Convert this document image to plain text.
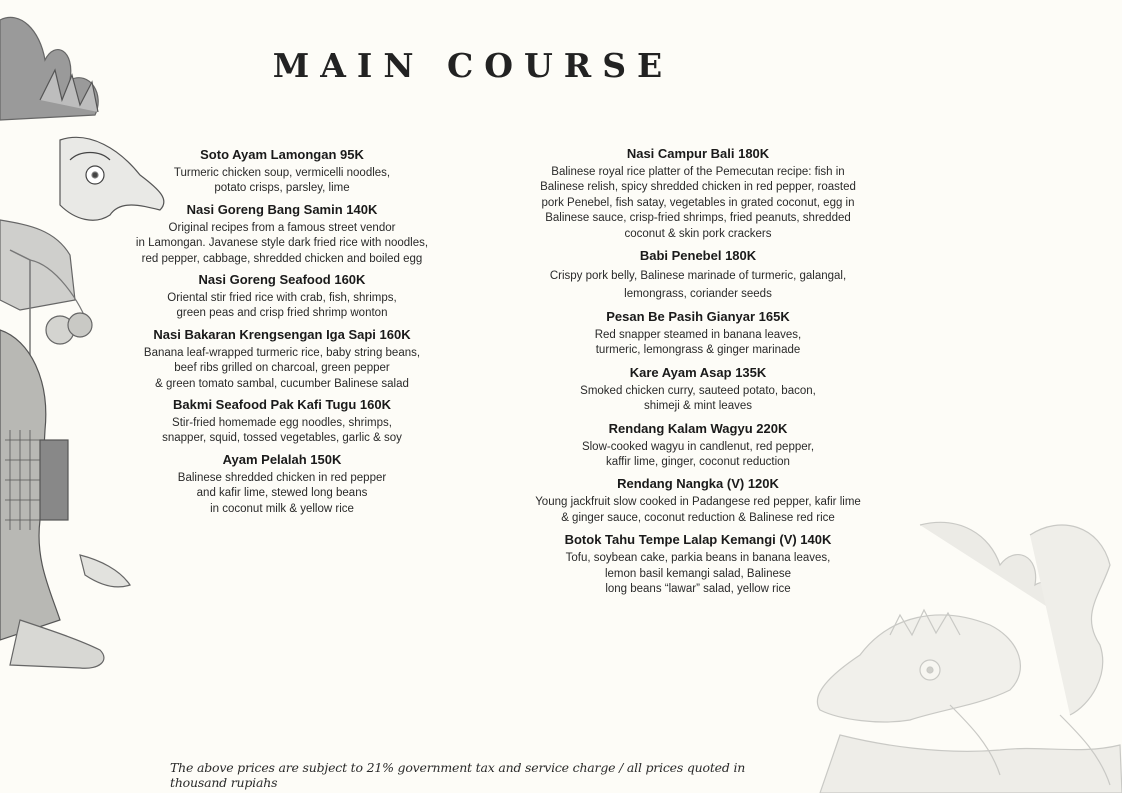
MAIN COURSE
Soto Ayam Lamongan 95K
Turmeric chicken soup, vermicelli noodles,
potato crisps, parsley, lime
Nasi Goreng Bang Samin 140K
Original recipes from a famous street vendor
in Lamongan. Javanese style dark fried rice with noodles,
red pepper, cabbage, shredded chicken and boiled egg
Nasi Goreng Seafood 160K
Oriental stir fried rice with crab, fish, shrimps,
green peas and crisp fried shrimp wonton
Nasi Bakaran Krengsengan Iga Sapi 160K
Banana leaf-wrapped turmeric rice, baby string beans,
beef ribs grilled on charcoal, green pepper
& green tomato sambal, cucumber Balinese salad
Bakmi Seafood Pak Kafi Tugu 160K
Stir-fried homemade egg noodles, shrimps,
snapper, squid, tossed vegetables, garlic & soy
Ayam Pelalah 150K
Balinese shredded chicken in red pepper
and kafir lime, stewed long beans
in coconut milk & yellow rice
Nasi Campur Bali 180K
Balinese royal rice platter of the Pemecutan recipe: fish in
Balinese relish, spicy shredded chicken in red pepper, roasted
pork Penebel, fish satay, vegetables in grated coconut, egg in
Balinese sauce, crisp-fried shrimps, fried peanuts, shredded
coconut & skin pork crackers
Babi Penebel 180K
Crispy pork belly, Balinese marinade of turmeric, galangal,
lemongrass, coriander seeds
Pesan Be Pasih Gianyar 165K
Red snapper steamed in banana leaves,
turmeric, lemongrass & ginger marinade
Kare Ayam Asap 135K
Smoked chicken curry, sauteed potato, bacon,
shimeji & mint leaves
Rendang Kalam Wagyu 220K
Slow-cooked wagyu in candlenut, red pepper,
kaffir lime, ginger, coconut reduction
Rendang Nangka (V) 120K
Young jackfruit slow cooked in Padangese red pepper, kafir lime
& ginger sauce, coconut reduction & Balinese red rice
Botok Tahu Tempe Lalap Kemangi (V) 140K
Tofu, soybean cake, parkia beans in banana leaves,
lemon basil kemangi salad, Balinese
long beans “lawar” salad, yellow rice
The above prices are subject to 21% government tax and service charge / all prices quoted in thousand rupiahs
